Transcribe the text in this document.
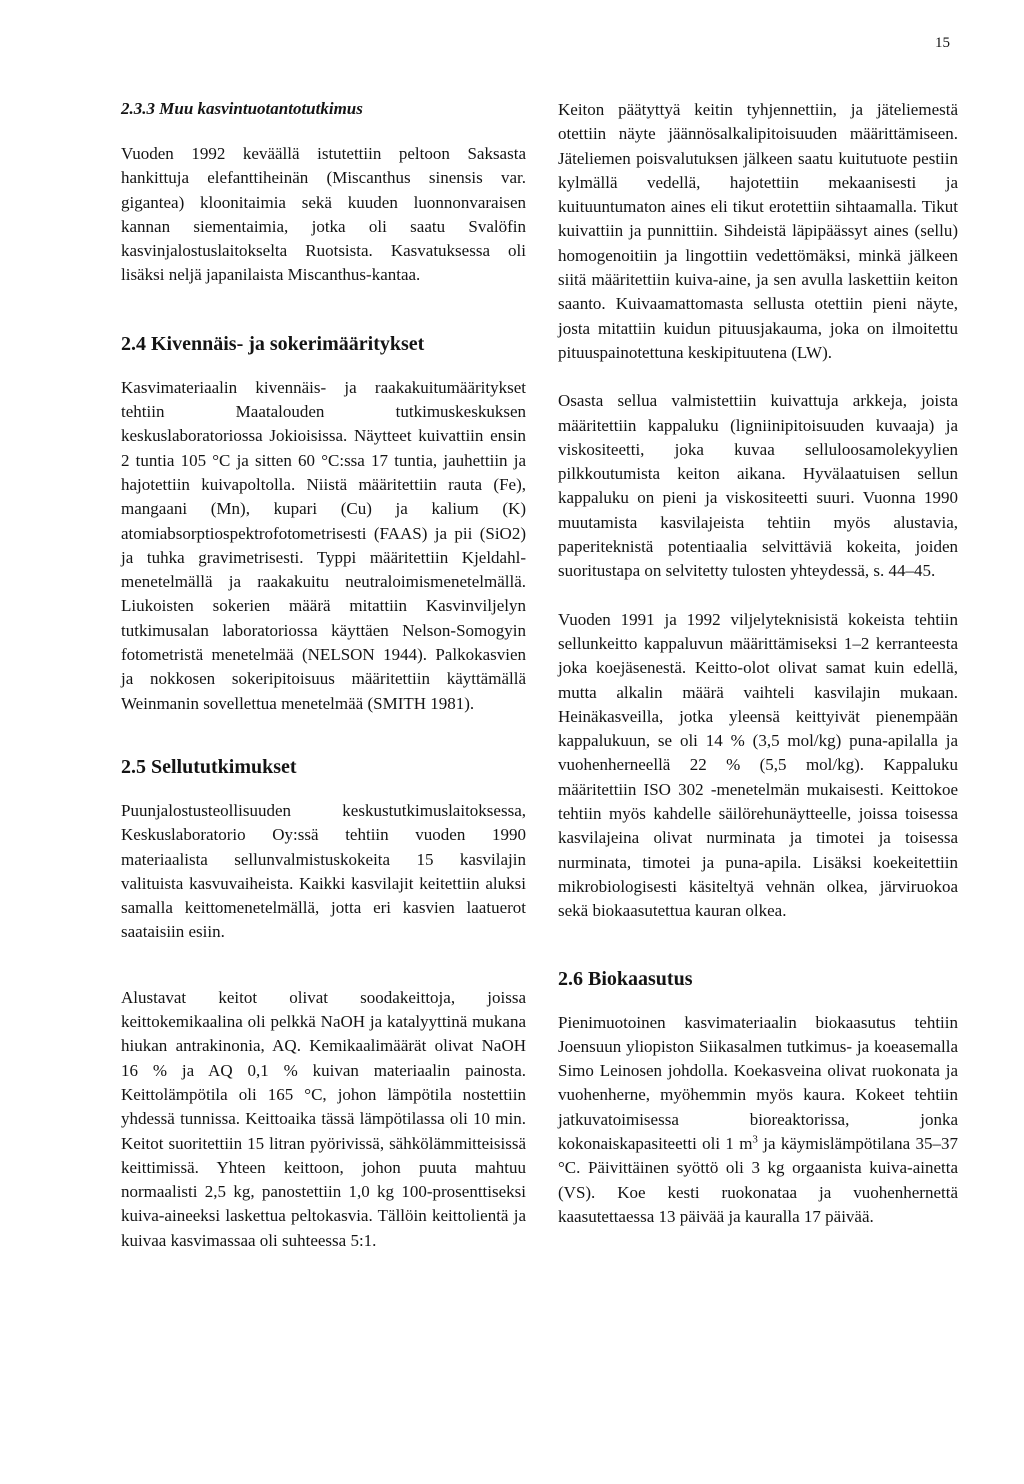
15
2.3.3 Muu kasvintuotantotutkimus

Vuoden 1992 keväällä istutettiin peltoon Saksasta hankittuja elefanttiheinän (Miscanthus sinensis var. gigantea) kloonitaimia sekä kuuden luonnonvaraisen kannan siementaimia, jotka oli saatu Svalöfin kasvinjalostuslaitokselta Ruotsista. Kasvatuksessa oli lisäksi neljä japanilaista Miscanthus-kantaa.

2.4 Kivennäis- ja sokerimääritykset

Kasvimateriaalin kivennäis- ja raakakuitumääritykset tehtiin Maatalouden tutkimuskeskuksen keskuslaboratoriossa Jokioisissa. Näytteet kuivattiin ensin 2 tuntia 105 °C ja sitten 60 °C:ssa 17 tuntia, jauhettiin ja hajotettiin kuivapoltolla. Niistä määritettiin rauta (Fe), mangaani (Mn), kupari (Cu) ja kalium (K) atomiabsorptiospektrofotometrisesti (FAAS) ja pii (SiO2) ja tuhka gravimetrisesti. Typpi määritettiin Kjeldahl-menetelmällä ja raakakuitu neutraloimismenetelmällä. Liukoisten sokerien määrä mitattiin Kasvinviljelyn tutkimusalan laboratoriossa käyttäen Nelson-Somogyin fotometristä menetelmää (NELSON 1944). Palkokasvien ja nokkosen sokeripitoisuus määritettiin käyttämällä Weinmanin sovellettua menetelmää (SMITH 1981).

2.5 Sellututkimukset

Puunjalostusteollisuuden keskustutkimuslaitoksessa, Keskuslaboratorio Oy:ssä tehtiin vuoden 1990 materiaalista sellunvalmistuskokeita 15 kasvilajin valituista kasvuvaiheista. Kaikki kasvilajit keitettiin aluksi samalla keittomenetelmällä, jotta eri kasvien laatuerot saataisiin esiin.

Alustavat keitot olivat soodakeittoja, joissa keittokemikaalina oli pelkkä NaOH ja katalyyttinä mukana hiukan antrakinonia, AQ. Kemikaalimäärät olivat NaOH 16 % ja AQ 0,1 % kuivan materiaalin painosta. Keittolämpötila oli 165 °C, johon lämpötila nostettiin yhdessä tunnissa. Keittoaika tässä lämpötilassa oli 10 min. Keitot suoritettiin 15 litran pyörivissä, sähkölämmitteisissä keittimissä. Yhteen keittoon, johon puuta mahtuu normaalisti 2,5 kg, panostettiin 1,0 kg 100-prosenttiseksi kuiva-aineeksi laskettua peltokasvia. Tällöin keittolientä ja kuivaa kasvimassaa oli suhteessa 5:1.

Keiton päätyttyä keitin tyhjennettiin, ja jäteliemestä otettiin näyte jäännösalkalipitoisuuden määrittämiseen. Jäteliemen poisvalutuksen jälkeen saatu kuitutuote pestiin kylmällä vedellä, hajotettiin mekaanisesti ja kuituuntumaton aines eli tikut erotettiin sihtaamalla. Tikut kuivattiin ja punnittiin. Sihdeistä läpipäässyt aines (sellu) homogenoitiin ja lingottiin vedettömäksi, minkä jälkeen siitä määritettiin kuiva-aine, ja sen avulla laskettiin keiton saanto. Kuivaamattomasta sellusta otettiin pieni näyte, josta mitattiin kuidun pituusjakauma, joka on ilmoitettu pituuspainotettuna keskipituutena (LW).

Osasta sellua valmistettiin kuivattuja arkkeja, joista määritettiin kappaluku (ligniinipitoisuuden kuvaaja) ja viskositeetti, joka kuvaa selluloosamolekyylien pilkkoutumista keiton aikana. Hyvälaatuisen sellun kappaluku on pieni ja viskositeetti suuri. Vuonna 1990 muutamista kasvilajeista tehtiin myös alustavia, paperiteknistä potentiaalia selvittäviä kokeita, joiden suoritustapa on selvitetty tulosten yhteydessä, s. 44–45.

Vuoden 1991 ja 1992 viljelyteknisistä kokeista tehtiin sellunkeitto kappaluvun määrittämiseksi 1–2 kerranteesta joka koejäsenestä. Keitto-olot olivat samat kuin edellä, mutta alkalin määrä vaihteli kasvilajin mukaan. Heinäkasveilla, jotka yleensä keittyivät pienempään kappalukuun, se oli 14 % (3,5 mol/kg) puna-apilalla ja vuohenherneellä 22 % (5,5 mol/kg). Kappaluku määritettiin ISO 302 -menetelmän mukaisesti. Keittokoe tehtiin myös kahdelle säilörehunäytteelle, joissa toisessa kasvilajeina olivat nurminata ja timotei ja toisessa nurminata, timotei ja puna-apila. Lisäksi koekeitettiin mikrobiologisesti käsiteltyä vehnän olkea, järviruokoa sekä biokaasutettua kauran olkea.

2.6 Biokaasutus

Pienimuotoinen kasvimateriaalin biokaasutus tehtiin Joensuun yliopiston Siikasalmen tutkimus- ja koeasemalla Simo Leinosen johdolla. Koekasveina olivat ruokonata ja vuohenherne, myöhemmin myös kaura. Kokeet tehtiin jatkuvatoimisessa bioreaktorissa, jonka kokonaiskapasiteetti oli 1 $m^3$ ja käymislämpötilana 35–37 °C. Päivittäinen syöttö oli 3 kg orgaanista kuiva-ainetta (VS). Koe kesti ruokonataa ja vuohenhernettä kaasutettaessa 13 päivää ja kauralla 17 päivää.
